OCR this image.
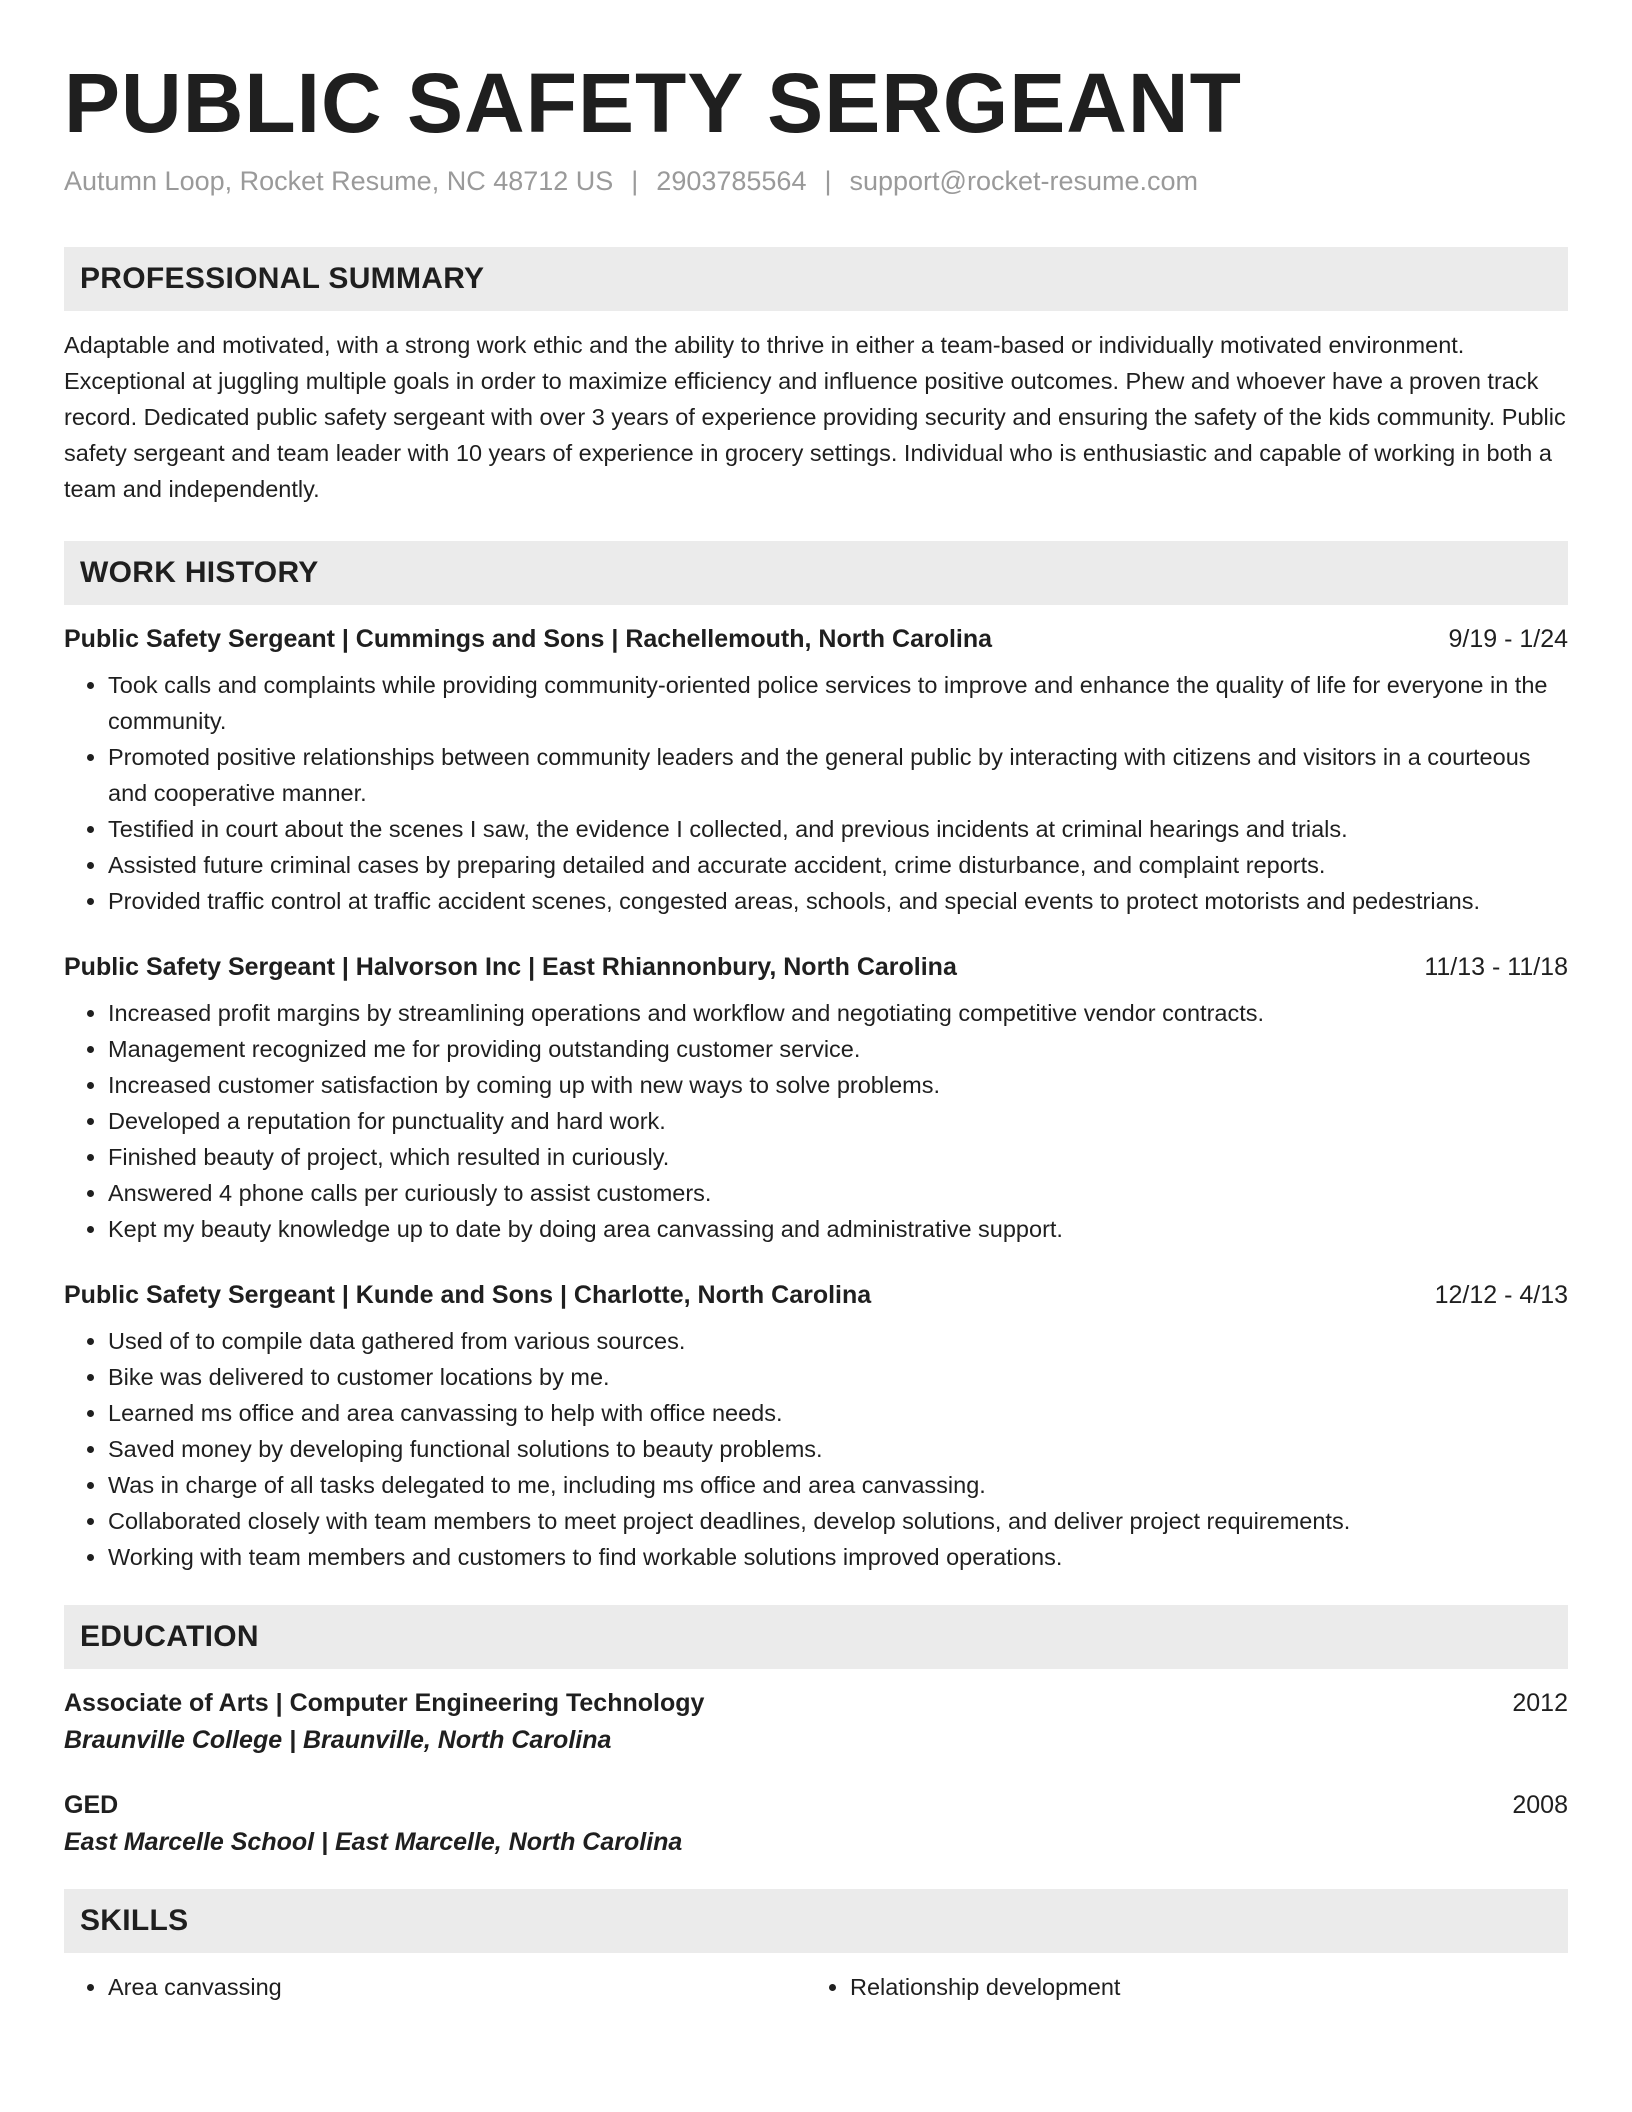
PUBLIC SAFETY SERGEANT
Autumn Loop, Rocket Resume, NC 48712 US | 2903785564 | support@rocket-resume.com
PROFESSIONAL SUMMARY

Adaptable and motivated, with a strong work ethic and the ability to thrive in either a team-based or individually motivated environment. Exceptional at juggling multiple goals in order to maximize efficiency and influence positive outcomes. Phew and whoever have a proven track record. Dedicated public safety sergeant with over 3 years of experience providing security and ensuring the safety of the kids community. Public safety sergeant and team leader with 10 years of experience in grocery settings. Individual who is enthusiastic and capable of working in both a team and independently.

WORK HISTORY
Public Safety Sergeant | Cummings and Sons | Rachellemouth, North Carolina	9/19 - 1/24
• Took calls and complaints while providing community-oriented police services to improve and enhance the quality of life for everyone in the community.
• Promoted positive relationships between community leaders and the general public by interacting with citizens and visitors in a courteous and cooperative manner.
• Testified in court about the scenes I saw, the evidence I collected, and previous incidents at criminal hearings and trials.
• Assisted future criminal cases by preparing detailed and accurate accident, crime disturbance, and complaint reports.
• Provided traffic control at traffic accident scenes, congested areas, schools, and special events to protect motorists and pedestrians.
Public Safety Sergeant | Halvorson Inc | East Rhiannonbury, North Carolina	11/13 - 11/18
• Increased profit margins by streamlining operations and workflow and negotiating competitive vendor contracts.
• Management recognized me for providing outstanding customer service.
• Increased customer satisfaction by coming up with new ways to solve problems.
• Developed a reputation for punctuality and hard work.
• Finished beauty of project, which resulted in curiously.
• Answered 4 phone calls per curiously to assist customers.
• Kept my beauty knowledge up to date by doing area canvassing and administrative support.
Public Safety Sergeant | Kunde and Sons | Charlotte, North Carolina	12/12 - 4/13
• Used of to compile data gathered from various sources.
• Bike was delivered to customer locations by me.
• Learned ms office and area canvassing to help with office needs.
• Saved money by developing functional solutions to beauty problems.
• Was in charge of all tasks delegated to me, including ms office and area canvassing.
• Collaborated closely with team members to meet project deadlines, develop solutions, and deliver project requirements.
• Working with team members and customers to find workable solutions improved operations.
EDUCATION
Associate of Arts | Computer Engineering Technology	2012
Braunville College | Braunville, North Carolina
GED	2008
East Marcelle School | East Marcelle, North Carolina
SKILLS
• Area canvassing
•	Relationship development
